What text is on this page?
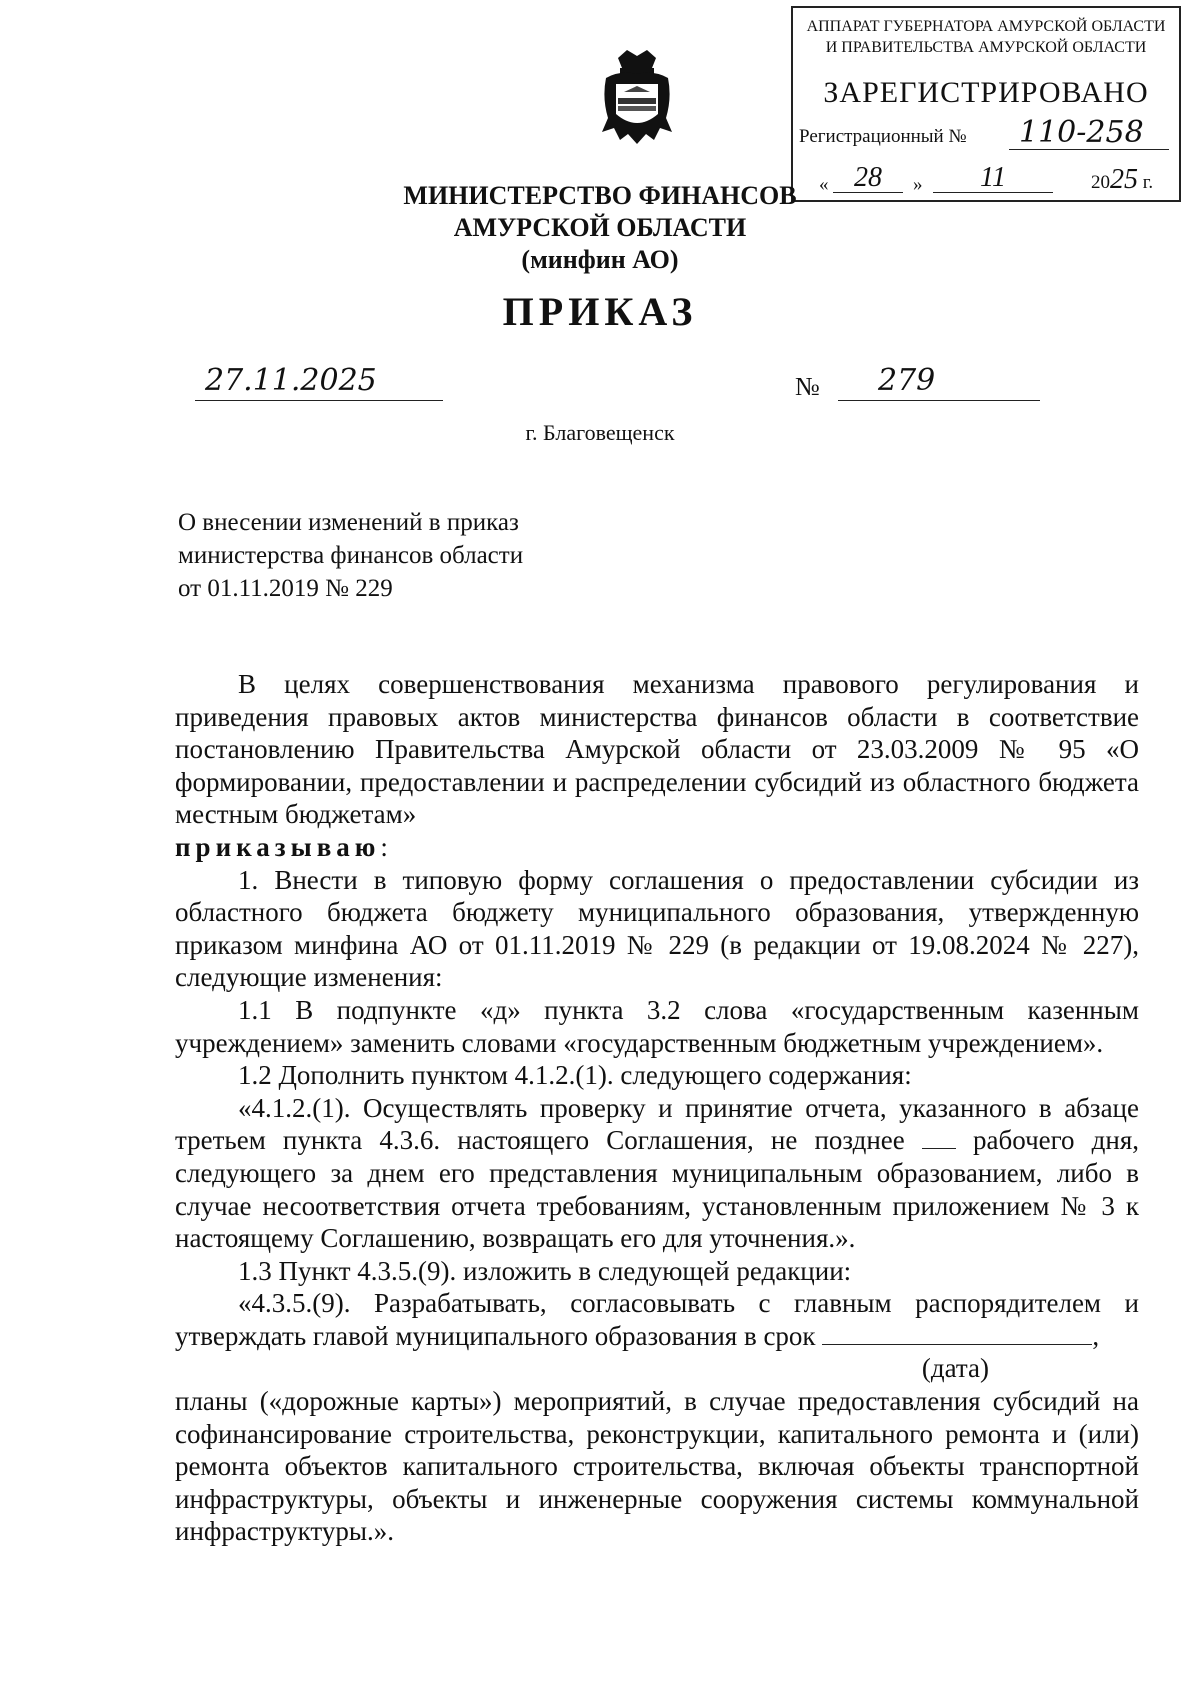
АППАРАТ ГУБЕРНАТОРА АМУРСКОЙ ОБЛАСТИ
И ПРАВИТЕЛЬСТВА АМУРСКОЙ ОБЛАСТИ
ЗАРЕГИСТРИРОВАНО
Регистрационный №	110-258
« 28	»	11	2025 г.
МИНИСТЕРСТВО ФИНАНСОВ
АМУРСКОЙ ОБЛАСТИ
(минфин АО)
ПРИКАЗ
27.11.2025	№	279
г. Благовещенск
О внесении изменений в приказ
министерства финансов области
от 01.11.2019 № 229

В целях совершенствования механизма правового регулирования и приведения правовых актов министерства финансов области в соответствие постановлению Правительства Амурской области от 23.03.2009 № 95 «О формировании, предоставлении и распределении субсидий из областного бюджета местным бюджетам»

приказываю:

1. Внести в типовую форму соглашения о предоставлении субсидии из областного бюджета бюджету муниципального образования, утвержденную приказом минфина АО от 01.11.2019 № 229 (в редакции от 19.08.2024 № 227), следующие изменения:

1.1 В подпункте «д» пункта 3.2 слова «государственным казенным учреждением» заменить словами «государственным бюджетным учреждением».

1.2 Дополнить пунктом 4.1.2.(1). следующего содержания:

«4.1.2.(1). Осуществлять проверку и принятие отчета, указанного в абзаце третьем пункта 4.3.6. настоящего Соглашения, не позднее	рабочего дня, следующего за днем его представления муниципальным образованием, либо в случае несоответствия отчета требованиям, установленным приложением № 3 к настоящему Соглашению, возвращать его для уточнения.».

1.3 Пункт 4.3.5.(9). изложить в следующей редакции:

«4.3.5.(9). Разрабатывать, согласовывать с главным распорядителем и утверждать главой муниципального образования в срок	,

(дата)

планы («дорожные карты») мероприятий, в случае предоставления субсидий на софинансирование строительства, реконструкции, капитального ремонта и (или) ремонта объектов капитального строительства, включая объекты транспортной инфраструктуры, объекты и инженерные сооружения системы коммунальной инфраструктуры.».
